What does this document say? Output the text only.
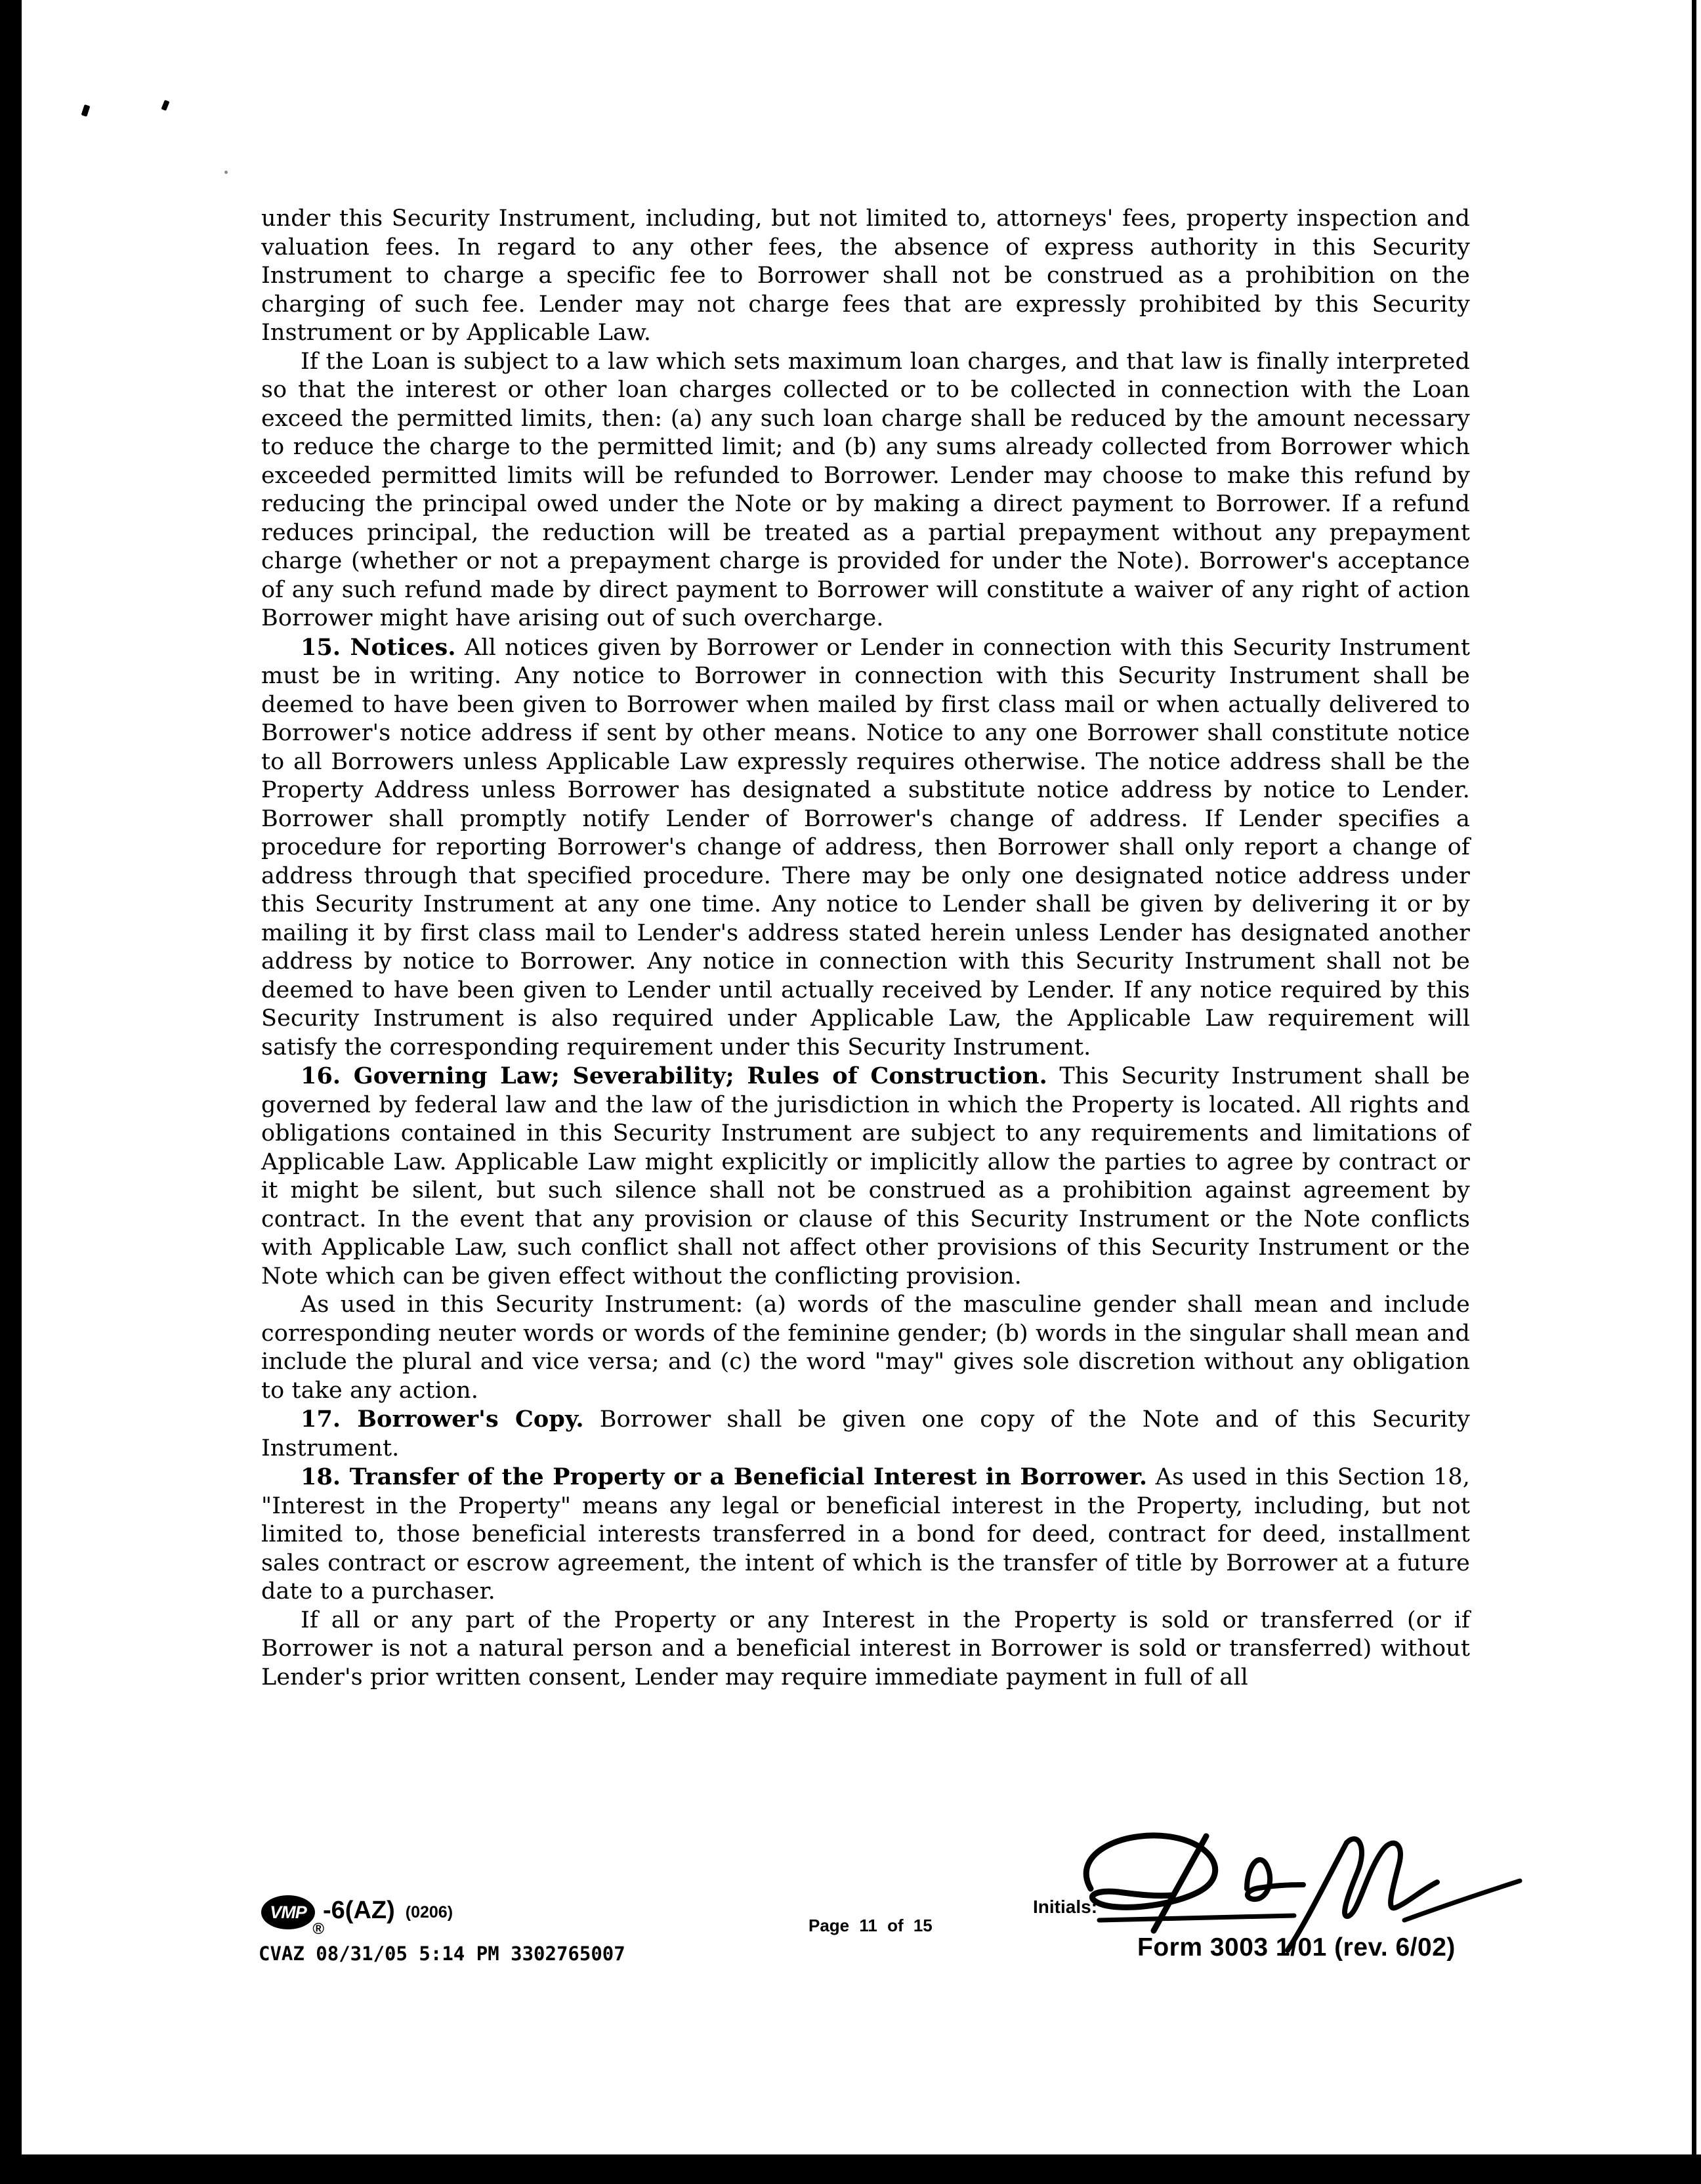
under this Security Instrument, including, but not limited to, attorneys' fees, property inspection and valuation fees. In regard to any other fees, the absence of express authority in this Security Instrument to charge a specific fee to Borrower shall not be construed as a prohibition on the charging of such fee. Lender may not charge fees that are expressly prohibited by this Security Instrument or by Applicable Law.

If the Loan is subject to a law which sets maximum loan charges, and that law is finally interpreted so that the interest or other loan charges collected or to be collected in connection with the Loan exceed the permitted limits, then: (a) any such loan charge shall be reduced by the amount necessary to reduce the charge to the permitted limit; and (b) any sums already collected from Borrower which exceeded permitted limits will be refunded to Borrower. Lender may choose to make this refund by reducing the principal owed under the Note or by making a direct payment to Borrower. If a refund reduces principal, the reduction will be treated as a partial prepayment without any prepayment charge (whether or not a prepayment charge is provided for under the Note). Borrower's acceptance of any such refund made by direct payment to Borrower will constitute a waiver of any right of action Borrower might have arising out of such overcharge.

15. Notices. All notices given by Borrower or Lender in connection with this Security Instrument must be in writing. Any notice to Borrower in connection with this Security Instrument shall be deemed to have been given to Borrower when mailed by first class mail or when actually delivered to Borrower's notice address if sent by other means. Notice to any one Borrower shall constitute notice to all Borrowers unless Applicable Law expressly requires otherwise. The notice address shall be the Property Address unless Borrower has designated a substitute notice address by notice to Lender. Borrower shall promptly notify Lender of Borrower's change of address. If Lender specifies a procedure for reporting Borrower's change of address, then Borrower shall only report a change of address through that specified procedure. There may be only one designated notice address under this Security Instrument at any one time. Any notice to Lender shall be given by delivering it or by mailing it by first class mail to Lender's address stated herein unless Lender has designated another address by notice to Borrower. Any notice in connection with this Security Instrument shall not be deemed to have been given to Lender until actually received by Lender. If any notice required by this Security Instrument is also required under Applicable Law, the Applicable Law requirement will satisfy the corresponding requirement under this Security Instrument.

16. Governing Law; Severability; Rules of Construction. This Security Instrument shall be governed by federal law and the law of the jurisdiction in which the Property is located. All rights and obligations contained in this Security Instrument are subject to any requirements and limitations of Applicable Law. Applicable Law might explicitly or implicitly allow the parties to agree by contract or it might be silent, but such silence shall not be construed as a prohibition against agreement by contract. In the event that any provision or clause of this Security Instrument or the Note conflicts with Applicable Law, such conflict shall not affect other provisions of this Security Instrument or the Note which can be given effect without the conflicting provision.

As used in this Security Instrument: (a) words of the masculine gender shall mean and include corresponding neuter words or words of the feminine gender; (b) words in the singular shall mean and include the plural and vice versa; and (c) the word "may" gives sole discretion without any obligation to take any action.

17. Borrower's Copy. Borrower shall be given one copy of the Note and of this Security Instrument.

18. Transfer of the Property or a Beneficial Interest in Borrower. As used in this Section 18, "Interest in the Property" means any legal or beneficial interest in the Property, including, but not limited to, those beneficial interests transferred in a bond for deed, contract for deed, installment sales contract or escrow agreement, the intent of which is the transfer of title by Borrower at a future date to a purchaser.

If all or any part of the Property or any Interest in the Property is sold or transferred (or if Borrower is not a natural person and a beneficial interest in Borrower is sold or transferred) without Lender's prior written consent, Lender may require immediate payment in full of all

VMP
®
-6(AZ) (0206)
Page 11 of 15
Initials:
Form 3003 1/01 (rev. 6/02)
CVAZ 08/31/05 5:14 PM 3302765007
